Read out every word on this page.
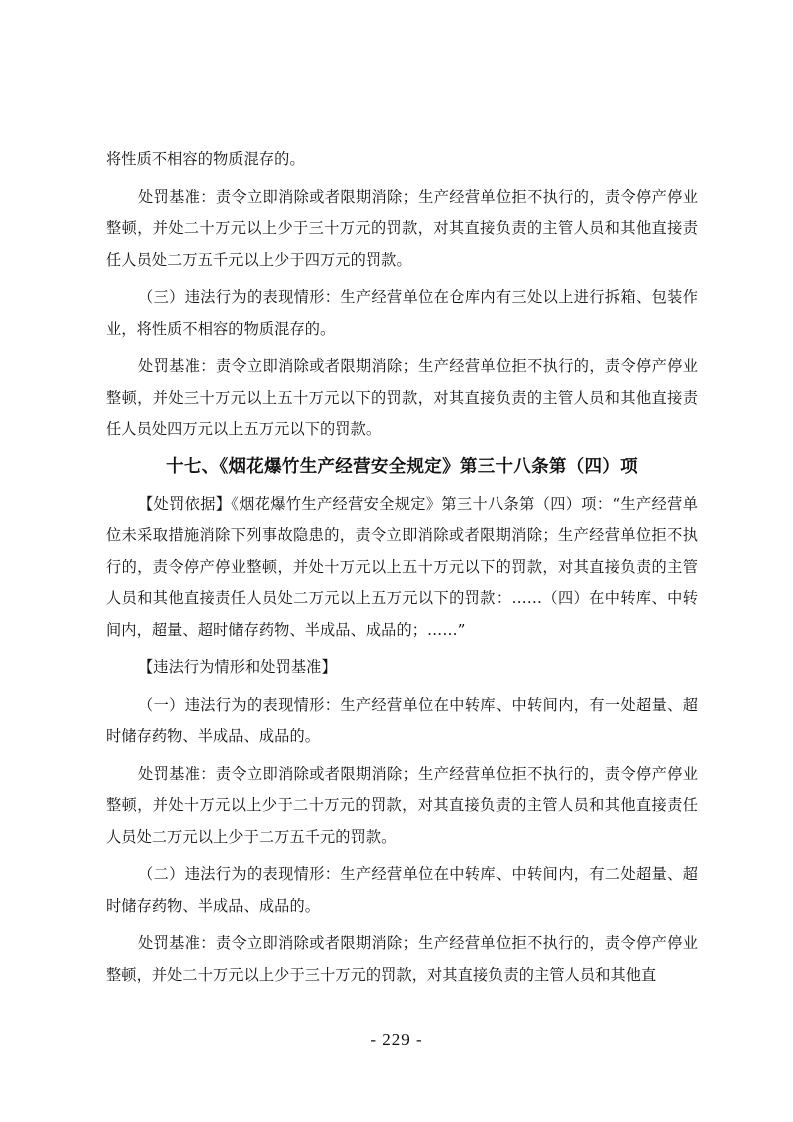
将性质不相容的物质混存的。

处罚基准：责令立即消除或者限期消除；生产经营单位拒不执行的，责令停产停业整顿，并处二十万元以上少于三十万元的罚款，对其直接负责的主管人员和其他直接责任人员处二万五千元以上少于四万元的罚款。

（三）违法行为的表现情形：生产经营单位在仓库内有三处以上进行拆箱、包装作业，将性质不相容的物质混存的。

处罚基准：责令立即消除或者限期消除；生产经营单位拒不执行的，责令停产停业整顿，并处三十万元以上五十万元以下的罚款，对其直接负责的主管人员和其他直接责任人员处四万元以上五万元以下的罚款。

十七、《烟花爆竹生产经营安全规定》第三十八条第（四）项

【处罚依据】《烟花爆竹生产经营安全规定》第三十八条第（四）项：“生产经营单位未采取措施消除下列事故隐患的，责令立即消除或者限期消除；生产经营单位拒不执行的，责令停产停业整顿，并处十万元以上五十万元以下的罚款，对其直接负责的主管人员和其他直接责任人员处二万元以上五万元以下的罚款：……（四）在中转库、中转间内，超量、超时储存药物、半成品、成品的；……”

【违法行为情形和处罚基准】

（一）违法行为的表现情形：生产经营单位在中转库、中转间内，有一处超量、超时储存药物、半成品、成品的。

处罚基准：责令立即消除或者限期消除；生产经营单位拒不执行的，责令停产停业整顿，并处十万元以上少于二十万元的罚款，对其直接负责的主管人员和其他直接责任人员处二万元以上少于二万五千元的罚款。

（二）违法行为的表现情形：生产经营单位在中转库、中转间内，有二处超量、超时储存药物、半成品、成品的。

处罚基准：责令立即消除或者限期消除；生产经营单位拒不执行的，责令停产停业整顿，并处二十万元以上少于三十万元的罚款，对其直接负责的主管人员和其他直

- 229 -
